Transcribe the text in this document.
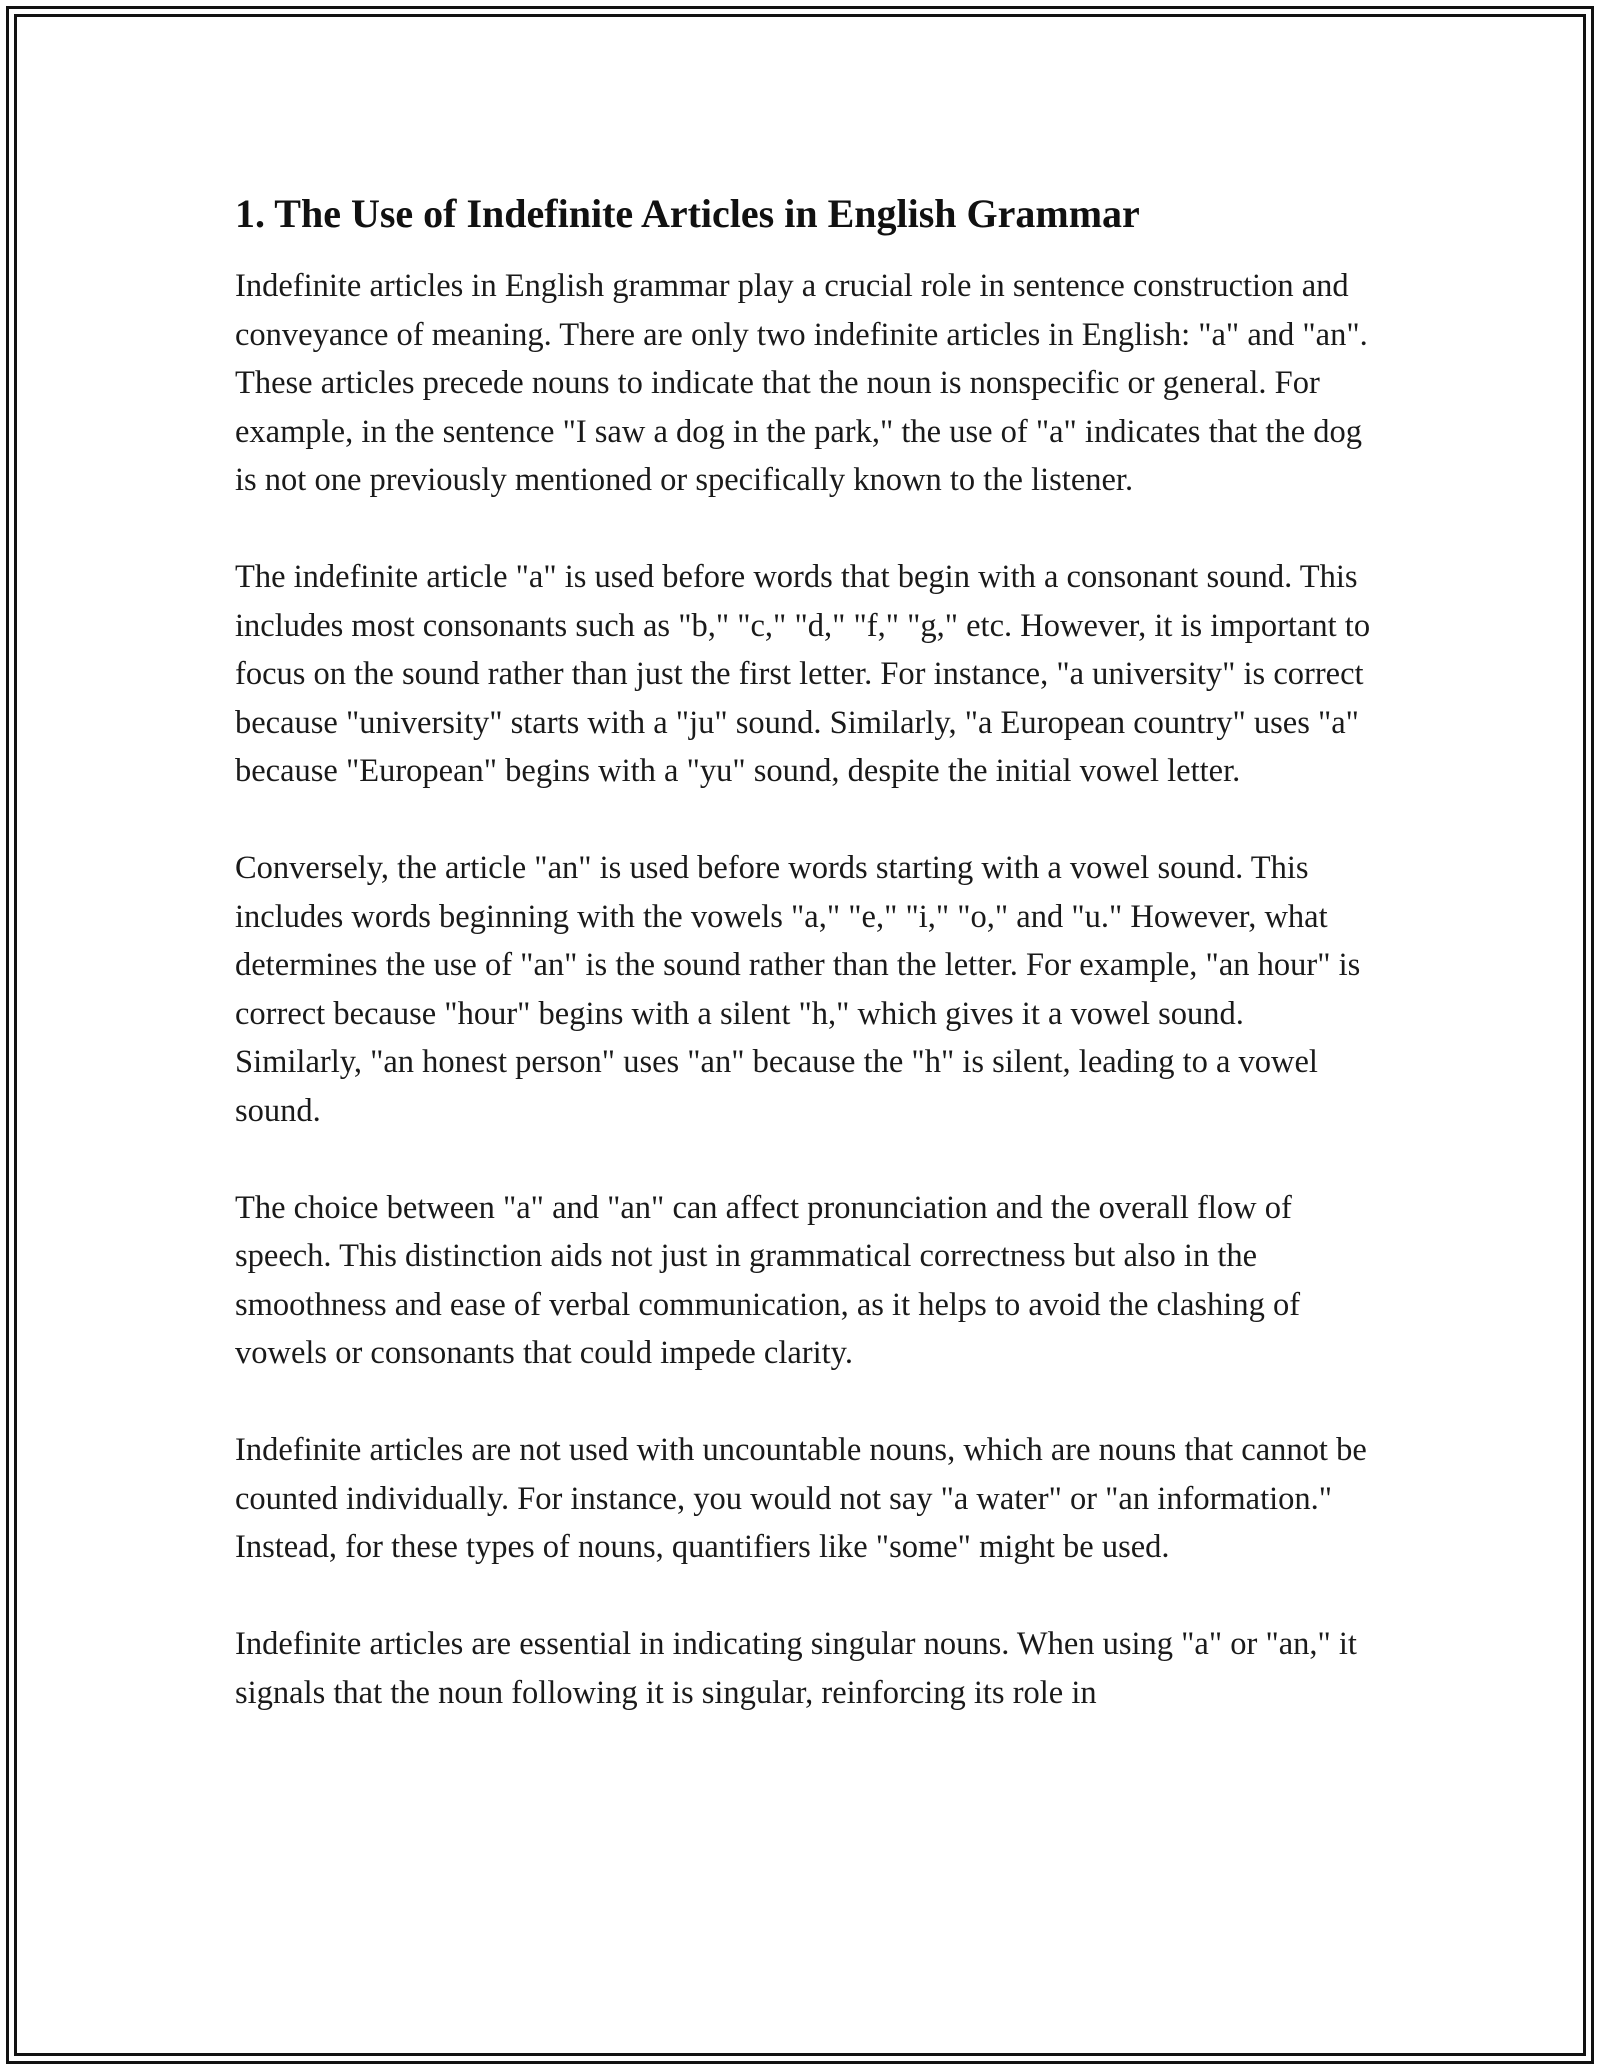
1. The Use of Indefinite Articles in English Grammar

Indefinite articles in English grammar play a crucial role in sentence construction and conveyance of meaning. There are only two indefinite articles in English: "a" and "an". These articles precede nouns to indicate that the noun is nonspecific or general. For example, in the sentence "I saw a dog in the park," the use of "a" indicates that the dog is not one previously mentioned or specifically known to the listener.

The indefinite article "a" is used before words that begin with a consonant sound. This includes most consonants such as "b," "c," "d," "f," "g," etc. However, it is important to focus on the sound rather than just the first letter. For instance, "a university" is correct because "university" starts with a "ju" sound. Similarly, "a European country" uses "a" because "European" begins with a "yu" sound, despite the initial vowel letter.

Conversely, the article "an" is used before words starting with a vowel sound. This includes words beginning with the vowels "a," "e," "i," "o," and "u." However, what determines the use of "an" is the sound rather than the letter. For example, "an hour" is correct because "hour" begins with a silent "h," which gives it a vowel sound. Similarly, "an honest person" uses "an" because the "h" is silent, leading to a vowel sound.

The choice between "a" and "an" can affect pronunciation and the overall flow of speech. This distinction aids not just in grammatical correctness but also in the smoothness and ease of verbal communication, as it helps to avoid the clashing of vowels or consonants that could impede clarity.

Indefinite articles are not used with uncountable nouns, which are nouns that cannot be counted individually. For instance, you would not say "a water" or "an information." Instead, for these types of nouns, quantifiers like "some" might be used.

Indefinite articles are essential in indicating singular nouns. When using "a" or "an," it signals that the noun following it is singular, reinforcing its role in
